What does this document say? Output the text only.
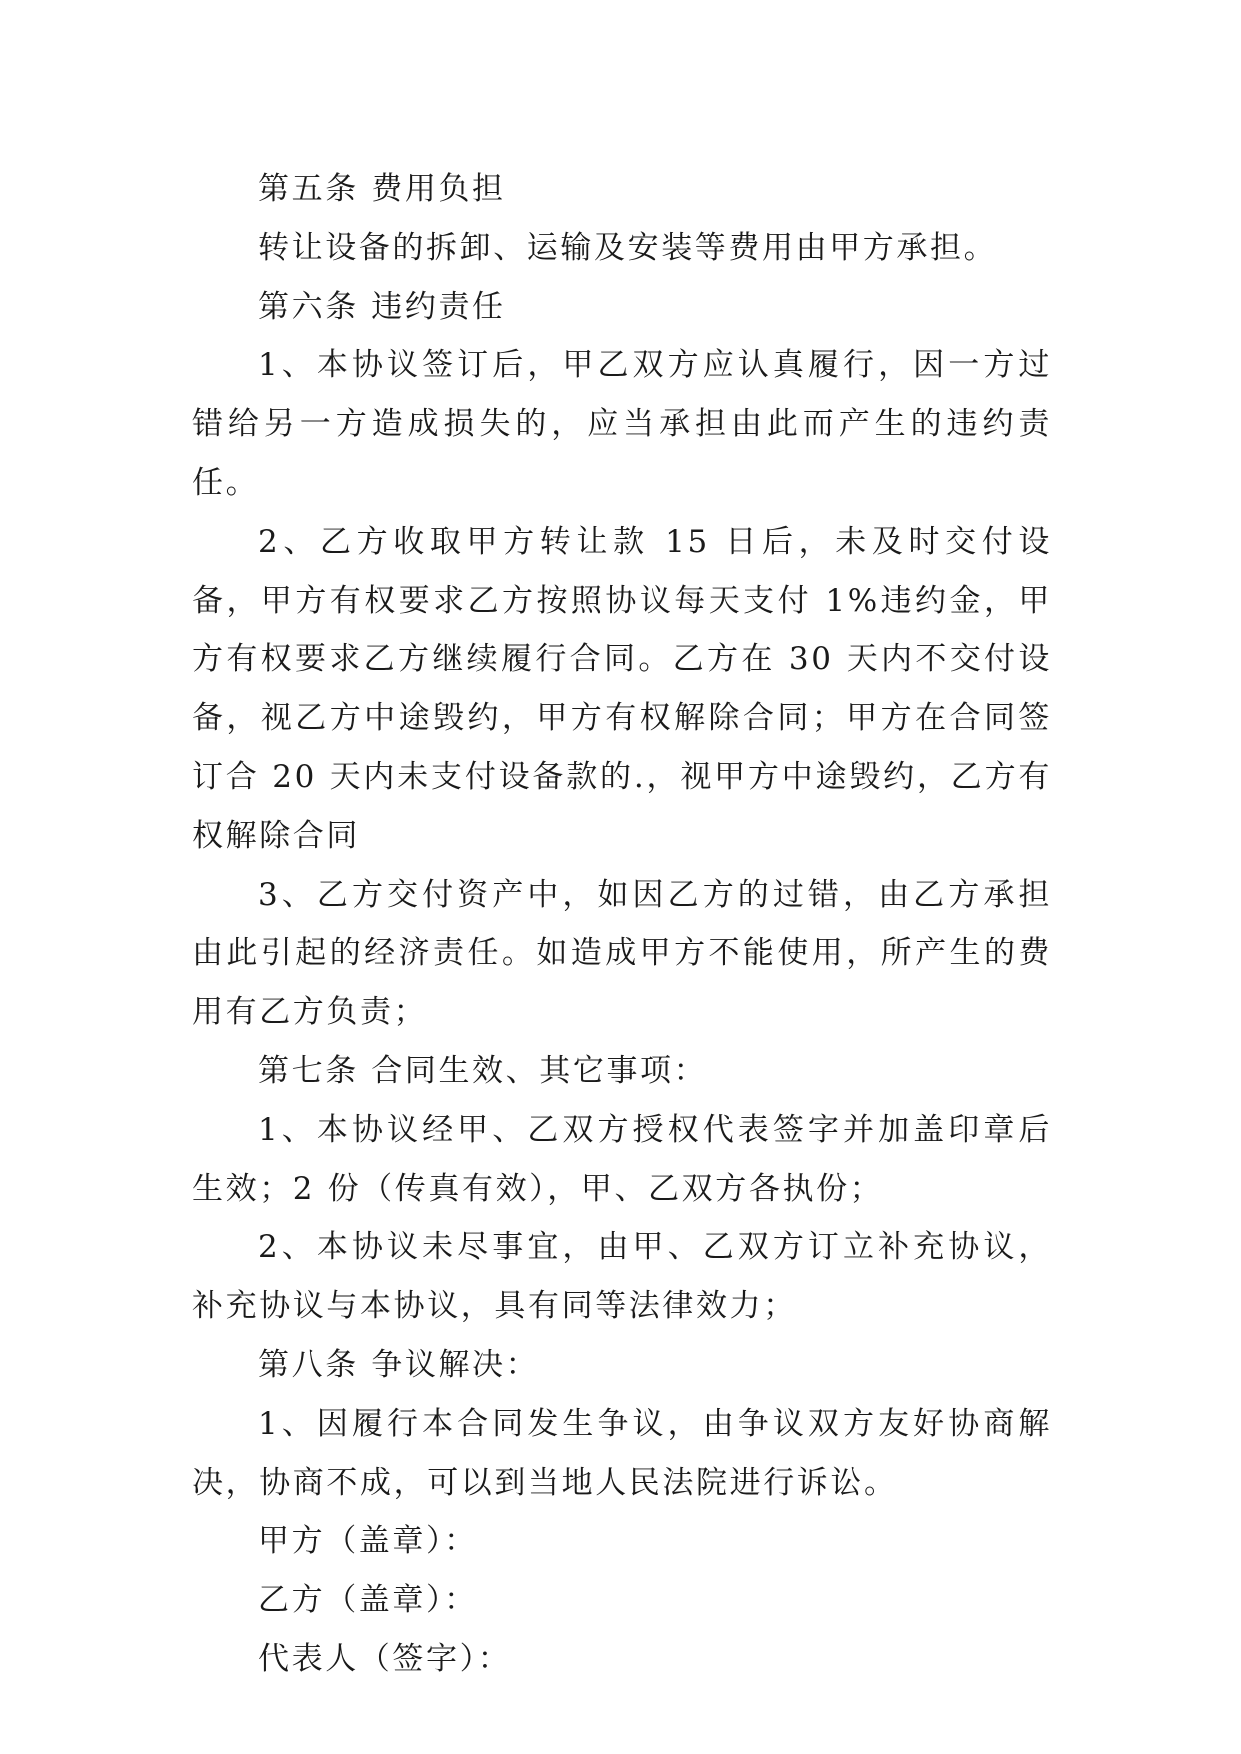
第五条 费用负担

转让设备的拆卸、运输及安装等费用由甲方承担。

第六条 违约责任

1、本协议签订后，甲乙双方应认真履行，因一方过错给另一方造成损失的，应当承担由此而产生的违约责任。

2、乙方收取甲方转让款 15 日后，未及时交付设备，甲方有权要求乙方按照协议每天支付 1%违约金，甲方有权要求乙方继续履行合同。乙方在 30 天内不交付设备，视乙方中途毁约，甲方有权解除合同；甲方在合同签订合 20 天内未支付设备款的.，视甲方中途毁约，乙方有权解除合同

3、乙方交付资产中，如因乙方的过错，由乙方承担由此引起的经济责任。如造成甲方不能使用，所产生的费用有乙方负责；

第七条 合同生效、其它事项：

1、本协议经甲、乙双方授权代表签字并加盖印章后生效；2 份（传真有效），甲、乙双方各执份；

2、本协议未尽事宜，由甲、乙双方订立补充协议，补充协议与本协议，具有同等法律效力；

第八条 争议解决：

1、因履行本合同发生争议，由争议双方友好协商解决，协商不成，可以到当地人民法院进行诉讼。

甲方（盖章）：

乙方（盖章）：

代表人（签字）：
